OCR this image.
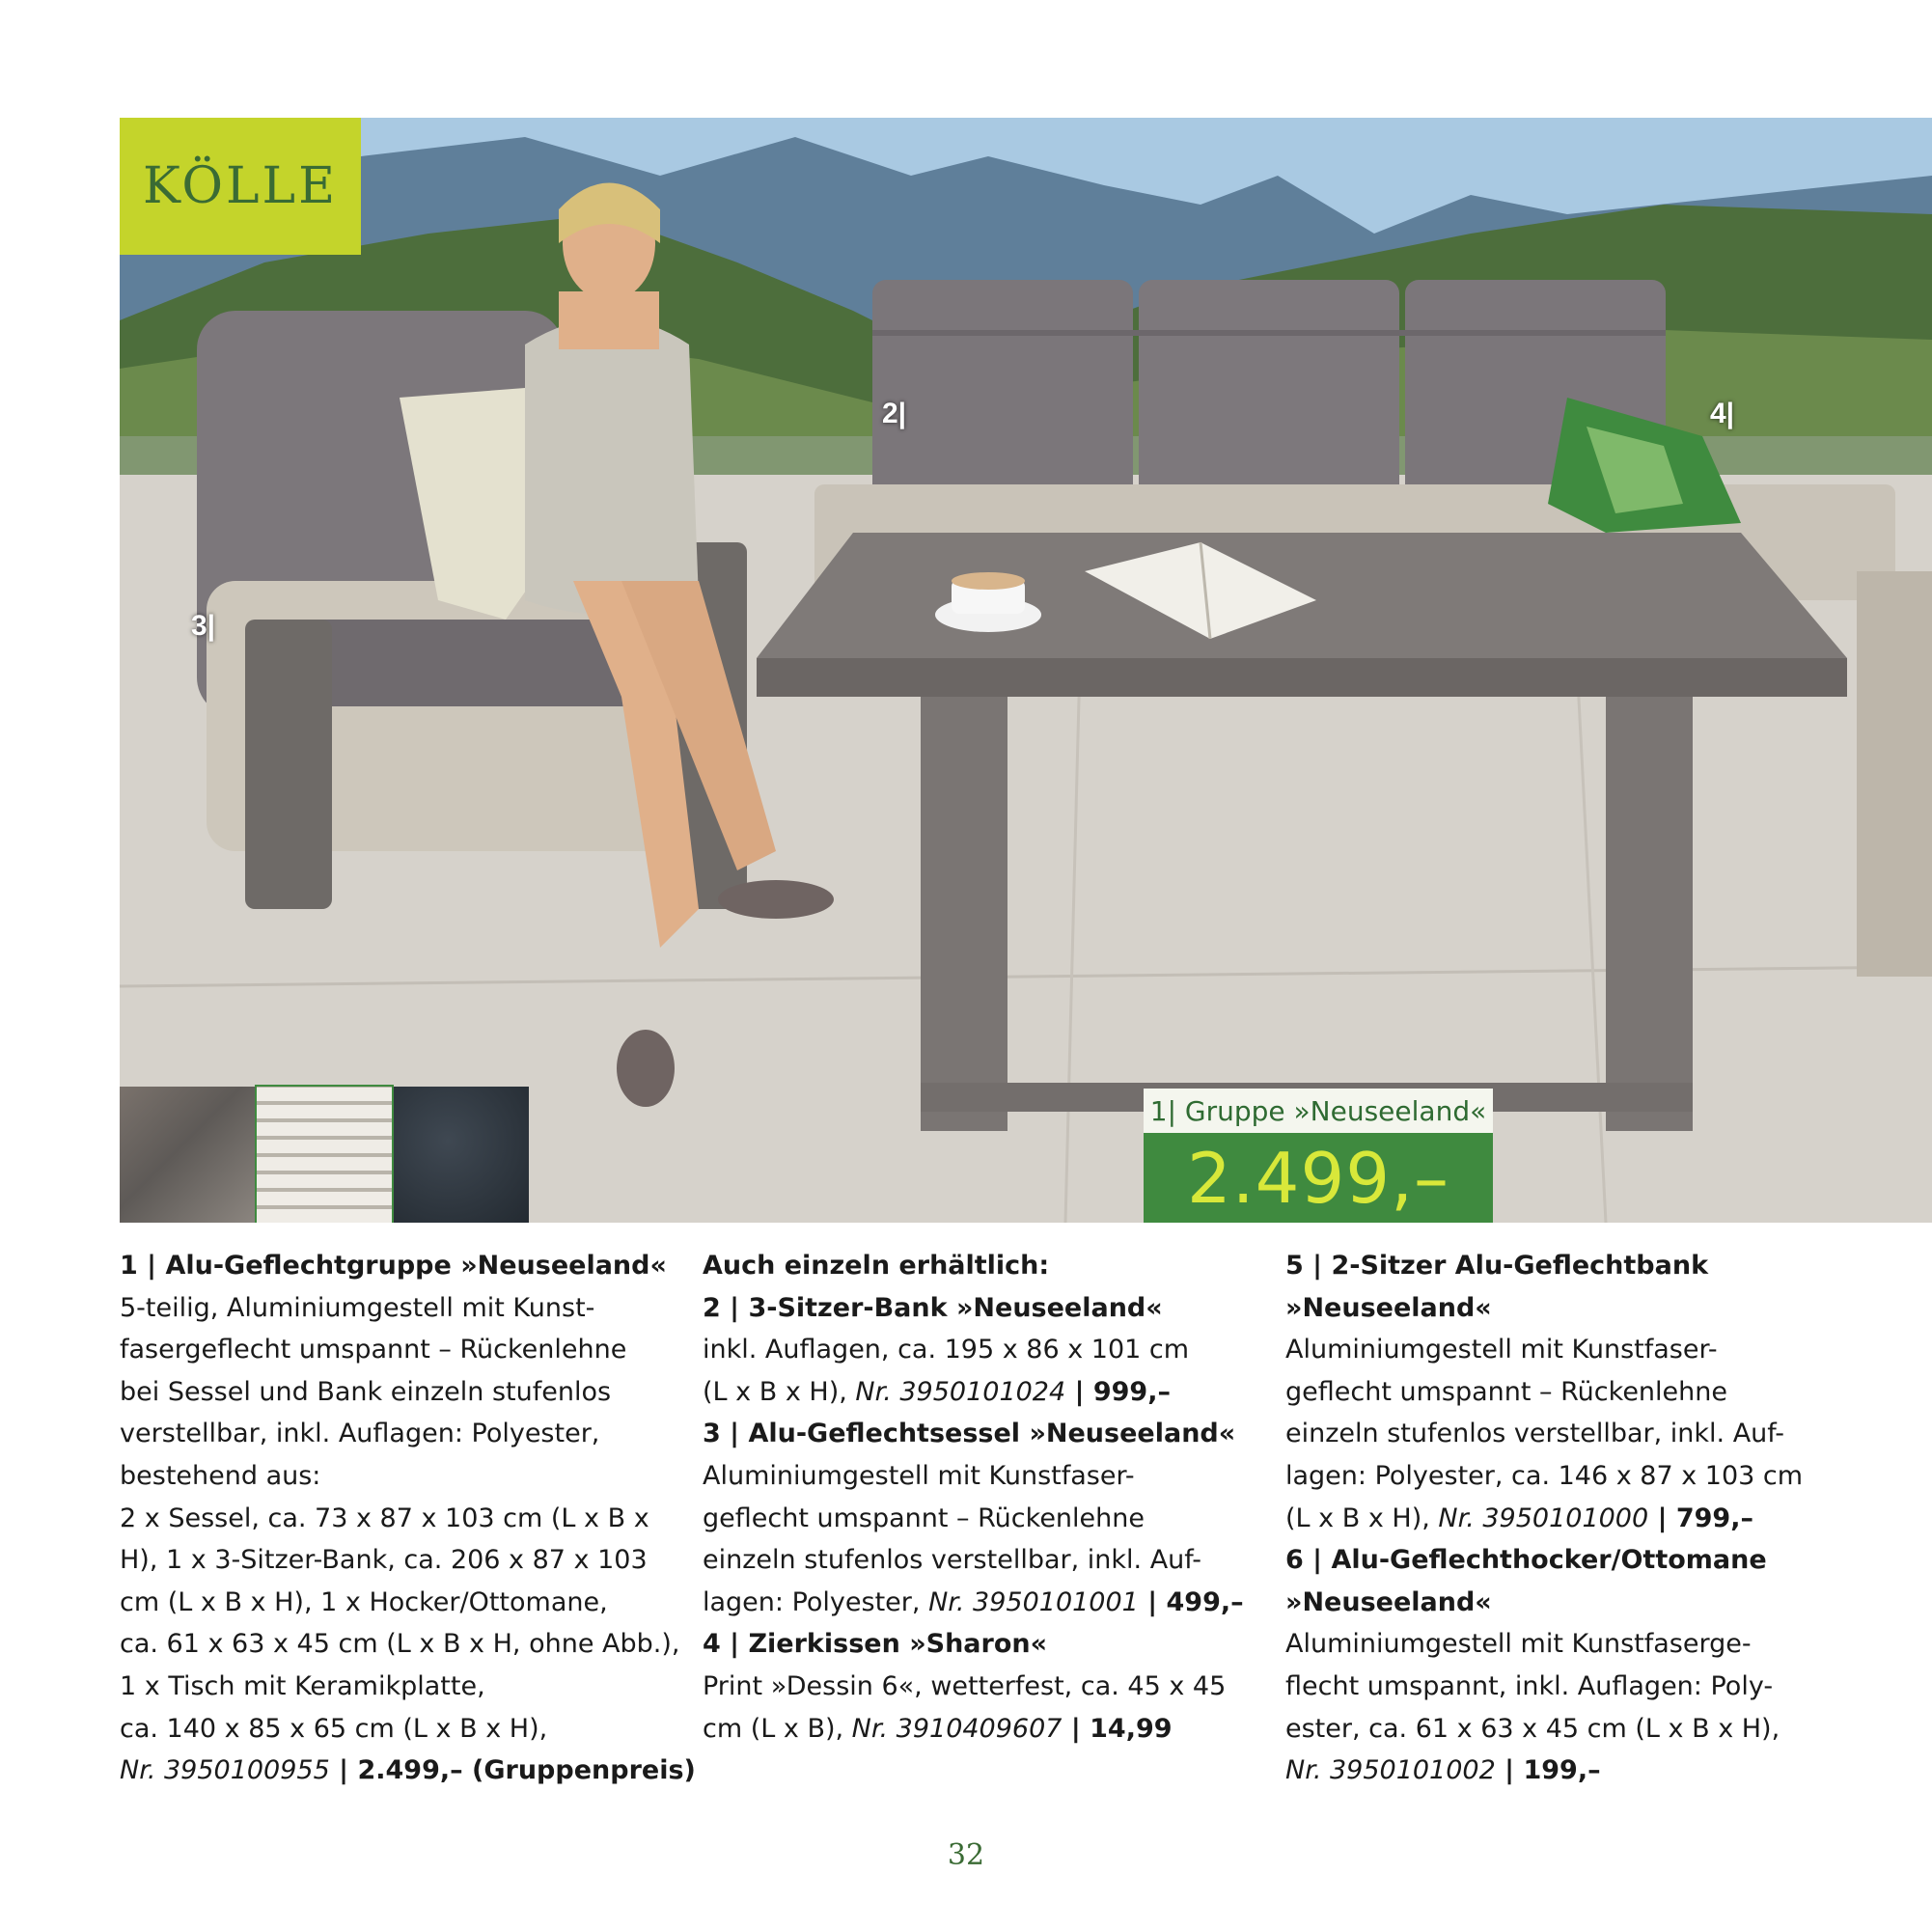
KÖLLE
2|
3|
4|
1| Gruppe »Neuseeland«
2.499,–

1 | Alu-Geflechtgruppe »Neuseeland«

5-teilig, Aluminiumgestell mit Kunst-

fasergeflecht umspannt – Rückenlehne

bei Sessel und Bank einzeln stufenlos

verstellbar, inkl. Auflagen: Polyester,

bestehend aus:

2 x Sessel, ca. 73 x 87 x 103 cm (L x B x

H), 1 x 3-Sitzer-Bank, ca. 206 x 87 x 103

cm (L x B x H), 1 x Hocker/Ottomane,

ca. 61 x 63 x 45 cm (L x B x H, ohne Abb.),

1 x Tisch mit Keramikplatte,

ca. 140 x 85 x 65 cm (L x B x H),

Nr. 3950100955 | 2.499,– (Gruppenpreis)

Auch einzeln erhältlich:

2 | 3-Sitzer-Bank »Neuseeland«

inkl. Auflagen, ca. 195 x 86 x 101 cm

(L x B x H), Nr. 3950101024 | 999,–

3 | Alu-Geflechtsessel »Neuseeland«

Aluminiumgestell mit Kunstfaser-

geflecht umspannt – Rückenlehne

einzeln stufenlos verstellbar, inkl. Auf-

lagen: Polyester, Nr. 3950101001 | 499,–

4 | Zierkissen »Sharon«

Print »Dessin 6«, wetterfest, ca. 45 x 45

cm (L x B), Nr. 3910409607 | 14,99

5 | 2-Sitzer Alu-Geflechtbank

»Neuseeland«

Aluminiumgestell mit Kunstfaser-

geflecht umspannt – Rückenlehne

einzeln stufenlos verstellbar, inkl. Auf-

lagen: Polyester, ca. 146 x 87 x 103 cm

(L x B x H), Nr. 3950101000 | 799,–

6 | Alu-Geflechthocker/Ottomane

»Neuseeland«

Aluminiumgestell mit Kunstfaserge-

flecht umspannt, inkl. Auflagen: Poly-

ester, ca. 61 x 63 x 45 cm (L x B x H),

Nr. 3950101002 | 199,–

32
